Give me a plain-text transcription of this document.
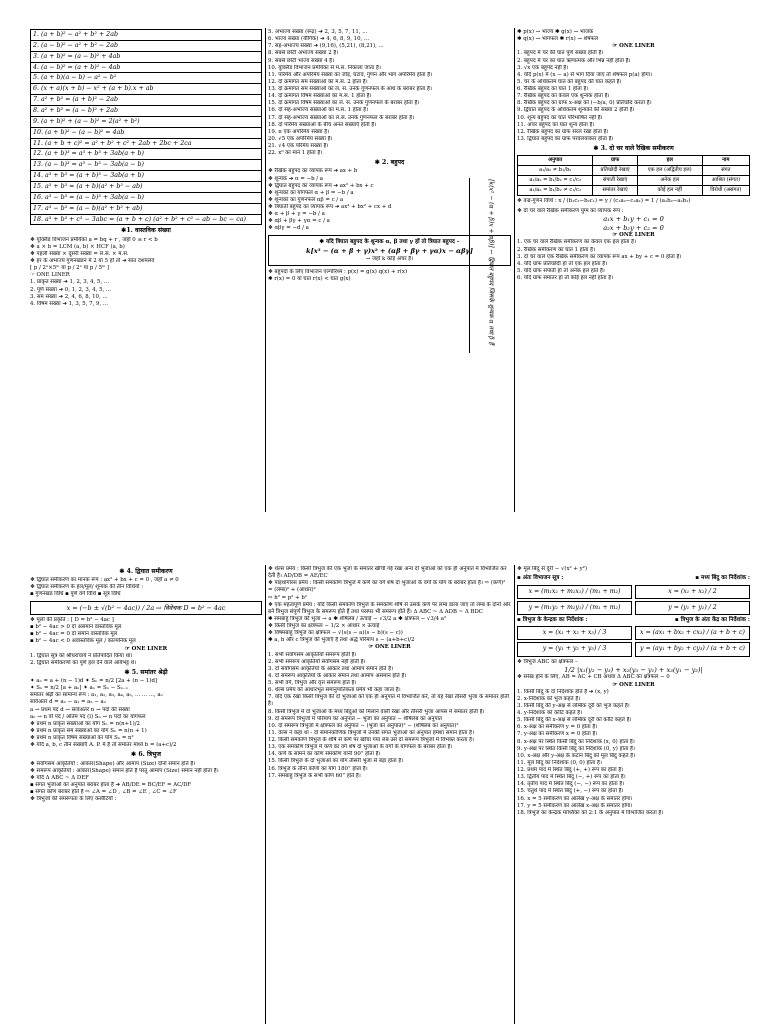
1. (a + b)² − a² + b² + 2ab
2. (a − b)² − a² + b² − 2ab
3. (a + b)² = (a − b)² + 4ab
4. (a − b)² = (a + b)² − 4ab
5. (a + b)(a − b) − a² − b²
6. (x + a)(x + b) − x² + (a + b).x + ab
7. a² + b² = (a + b)² − 2ab
8. a² + b² = (a − b)² + 2ab
9. (a + b)² + (a − b)² = 2(a² + b²)
10. (a + b)² − (a − b)² = 4ab
11. (a + b + c)² = a² + b² + c² + 2ab + 2bc + 2ca
12. (a + b)³ = a³ + b³ + 3ab(a + b)
13. (a − b)³ = a³ − b³ − 3ab(a − b)
14. a³ + b³ = (a + b)³ − 3ab(a + b)
15. a³ + b³ = (a + b)(a² + b² − ab)
16. a³ − b³ = (a − b)³ + 3ab(a − b)
17. a³ − b³ = (a − b)(a² + b² + ab)
18. a³ + b³ + c³ − 3abc = (a + b + c) (a² + b² + c² − ab − bc − ca)
✱1. वास्तविक संख्या
❖ यूक्लिड विभाजन प्रमेयिका a = bq + r , जहाँ 0 ≤ r < b
❖ a × b = LCM (a, b) × HCF (a, b)
❖ पहली संख्या × दूसरी संख्या = ल.स. × म.स.
❖ हर के अभाज्य गुणनखंडन में 2 या 5 हो तो ➔ सांत दशमलव
[ p / 2ⁿ×5ᵐ या p / 2ⁿ या p / 5ᵐ ]
☞ ONE LINER
1. प्राकृत संख्या ➔ 1, 2, 3, 4, 5, ...
2. पूर्ण संख्या ➔ 0, 1, 2, 3, 4, 5, ...
3. सम संख्या ➔ 2, 4, 6, 8, 10, ...
4. विषम संख्या ➔ 1, 3, 5, 7, 9, ...
5. अभाज्य संख्या (रूढ़) ➔ 2, 3, 5, 7, 11, ...
6. भाज्य संख्या (यौगिक) ➔ 4, 6, 8, 9, 10, ...
7. सह-अभाज्य संख्या ➔ (9,16), (5,21), (8,21), ...
8. सबसे छोटी अभाज्य संख्या 2 है।
9. सबसे छोटी भाज्य संख्या 4 है।
10. यूक्लिड विभाजन प्रमेयिका से म.स. निकाला जाता है।
11. परिमेय और अपरिमेय संख्या का जोड़, घटाव, गुणन और भाग अपरिमेय होता है।
12. दो क्रमागत सम संख्याओं का म.स. 2 होता है।
13. दो क्रमागत सम संख्याओं का ल. स. उनके गुणनफल के आधे के बराबर होता है।
14. दो क्रमागत विषम संख्याओं का म.स. 1 होता है।
15. दो क्रमागत विषम संख्याओं का ल. स. उनके गुणनफल के बराबर होता है।
16. दो सह-अभाज्य संख्याओं का म.स. 1 होता है।
17. दो सह-अभाज्य संख्याओं का ल.स. उनके गुणनफल के बराबर होता है।
18. दो परिमेय संख्याओं के बीच अनंत संख्याएँ होती हैं।
19. π एक अपरिमेय संख्या है।
20. √5 एक अपरिमेय संख्या है।
21. √4 एक परिमेय संख्या है।
22. x⁰ का मान 1 होता है।
✱ 2. बहुपद
❖ रैखिक बहुपद का व्यापक रूप ➔ ax + b
❖ शून्यक ➔ α = −b / a
❖ द्विघात बहुपद का व्यापक रूप ➔ ax² + bx + c
❖ शून्यकों का योगफल α + β = −b / a
❖ शून्यकों का गुणनफल αβ = c / a
❖ त्रिघाती बहुपद का व्यापक रूप ➔ ax³ + bx² + cx + d
❖ α + β + γ = −b / a
❖ αβ + βγ + γα = c / a
❖ αβγ = −d / a
✱ यदि त्रिघात बहुपद के शून्यक α, β तथा γ हों तो त्रिघात बहुपद –
k[x³ − (α + β + γ)x² + (αβ + βγ + γα)x − αβγ]
→ जहाँ k कोई अचर है।
❖ बहुपदों के लिए विभाजन एल्गोरिथ्म : p(x) = g(x) q(x) + r(x)
✱ r(x) = 0 या घात r(x) < घात g(x)	[k(x² − (α + β)x + αβ)] ← द्विघात बहुपद जिसके शून्यक α तथा β हैं
✱ p(x) → भाज्य ✱ g(x) → भाजक
✱ q(x) → भागफल ✱ r(x) → शेषफल
☞ ONE LINER
1. बहुपद में चर की घात पूर्ण संख्या होती है।
2. बहुपद में चर का घात ऋणात्मक और भिन्न नहीं होता है।
3. √x एक बहुपद नहीं है।
4. यदि p(x) में (x − a) से भाग दिया जाए तो शेषफल p(a) होगा।
5. चर के अधिकतम घात को बहुपद की घात कहते हैं।
6. रैखिक बहुपद का घात 1 होता है।
7. रैखिक बहुपद का केवल एक शून्यक होता है।
8. रैखिक बहुपद का ग्राफ x-अक्ष को (−b/a, 0) प्रतिच्छेद करता है।
9. द्विघात बहुपद के अधिकतम शून्यकों की संख्या 2 होती है।
10. शून्य बहुपद का घात परिभाषित नहीं है।
11. अचर बहुपद का घात शून्य होता है।
12. रैखिक बहुपद का ग्राफ सरल रेखा होता है।
13. द्विघात बहुपद का ग्राफ परवलयाकार होता है।
✱ 3. दो चर वाले रैखिक समीकरण
अनुपात	ग्राफ	हल	नाम
a₁/a₂ ≠ b₁/b₂	प्रतिच्छेदी रेखाएं	एक हल (अद्वितीय हल)	संगत
a₁/a₂ = b₁/b₂ = c₁/c₂	संपाती रेखाएं	अनेक हल	आश्रित (संगत)
a₁/a₂ = b₁/b₂ ≠ c₁/c₂	समांतर रेखाएं	कोई हल नहीं	विरोधी (असंगत)
❖ वज्र-गुणन विधि : x / (b₁c₂−b₂c₁) = y / (c₁a₂−c₂a₁) = 1 / (a₁b₂−a₂b₁)
❖ दो चर वाले रैखिक समीकरण युग्म का व्यापक रूप :
a₁x + b₁y + c₁ = 0
a₂x + b₂y + c₂ = 0
☞ ONE LINER
1. एक चर वाले रैखिक समीकरण का केवल एक हल होता है।
2. रैखिक समीकरण का घात 1 होता है।
3. दो चर वाले एक रैखिक समीकरण का व्यापक रूप ax + by + c = 0 होता है।
4. यदि ग्राफ प्रतिच्छेदी हों तो एक हल होता है।
5. यदि ग्राफ संपाती हों तो अनेक हल होते हैं।
6. यदि ग्राफ समांतर हों तो कोई हल नहीं होता है।
✱ 4. द्विघात समीकरण
❖ द्विघात समीकरण का मानक रूप : ax² + bx + c = 0 , जहाँ a ≠ 0
❖ द्विघात समीकरण के हल/मूल/ शून्यक की तीन विधियाँ :
▪ गुणनखंड विधि ▪ पूर्ण वर्ग विधि ▪ सूत्र विधि
x = (−b ± √(b² − 4ac)) / 2a ⇨ विवेचक D = b² − 4ac
❖ मूलों की प्रकृति : [ D = b² − 4ac ]
▪ b² − 4ac > 0 दो असमान वास्तविक मूल
▪ b² − 4ac = 0 दो समान वास्तविक मूल
▪ b² − 4ac < 0 अवास्तविक मूल / काल्पनिक मूल
☞ ONE LINER
1. द्विघात सूत्र को श्रीधराचार्य ने प्रतिपादित किया था।
2. द्विघात समीकरणों का पूर्ण हल देने वाले आर्यभट्ट थे।
✱ 5. समांतर श्रेढ़ी
✦ aₙ = a + (n − 1)d ✦ Sₙ = n/2 [2a + (n − 1)d]
✦ Sₙ = n/2 [a + aₙ] ✦ aₙ = Sₙ − Sₙ₋₁
समांतर श्रेढ़ी का सामान्य रूप : a₁, a₂, a₃, a₄, a₅, ... ... ..., aₙ
सार्वअंतर d = a₂ − a₁ = a₃ − a₂
a → प्रथम पद d → सार्वअंतर n → पदों की संख्या
aₙ → n वाँ पद / अंतिम पद (l) Sₙ → n पदों का योगफल
❖ प्रथम n प्राकृत संख्याओं का योग Sₙ = n(n+1)/2
❖ प्रथम n प्राकृत सम संख्याओं का योग Sₙ = n(n + 1)
❖ प्रथम n प्राकृत विषम संख्याओं का योग Sₙ = n²
❖ यदि a, b, c तीन संख्याएँ A. P. में हैं तो समांतर माध्य b = (a+c)/2
✱ 6. त्रिभुज
❖ सर्वांगसम आकृतियाँ : आकार(Shape) और आमाप (Size) दोनों समान होते हैं।
❖ समरूप आकृतियाँ : आकार(Shape) समान होते हैं परंतु आमाप (Size) समान नहीं होता है।
❖ यदि Δ ABC ~ Δ DEF
▪ संगत भुजाओं का अनुपात बराबर होता है ➔ AB/DE = BC/EF = AC/DF
▪ संगत कोण बराबर होते हैं ⇨ ∠A = ∠D , ∠B = ∠E , ∠C = ∠F
❖ त्रिभुजों की समरूपता के लिए कसौटियाँ :
❖ थेल्स प्रमेय : किसी त्रिभुज की एक भुजा के समांतर खींची गई रेखा अन्य दो भुजाओं को एक ही अनुपात में विभाजित कर देती है। AD/DB = AE/EC
❖ पाइथागोरस प्रमेय : किसी समकोण त्रिभुज में कर्ण का वर्ग शेष दो भुजाओं के वर्गों के योग के बराबर होता है। ⇨ (कर्ण)² = (लम्ब)² + (आधार)²
⇨ h² = p² + b²
❖ एक महत्वपूर्ण प्रमेय : यदि किसी समकोण त्रिभुज के समकोण शीर्ष से उसके कर्ण पर लम्ब डाला जाए तो लम्ब के दोनों ओर बने त्रिभुज संपूर्ण त्रिभुज के समरूप होते हैं तथा परस्पर भी समरूप होते हैं। Δ ABC ~ Δ ADB ~ Δ BDC
✱ समबाहु त्रिभुज की भुजा → a ✱ शीर्षलंब / ऊंचाई − √3/2 a ✱ क्षेत्रफल − √3/4 a²
❖ किसी त्रिभुज का क्षेत्रफल − 1/2 × आधार × ऊंचाई
❖ विषमबाहु त्रिभुज का क्षेत्रफल − √(s(s − a)(s − b)(s − c))
✱ a, b और c त्रिभुज की भुजाएँ हैं तथा अर्द्ध परिमाप s − (a+b+c)/2
☞ ONE LINER
1. सभी सर्वांगसम आकृतियाँ समरूप होती हैं।
2. सभी समरूप आकृतियाँ सर्वांगसम नहीं होती हैं।
3. दो सर्वांगसम आकृतियों के आकार तथा आमाप समान होते हैं।
4. दो समरूप आकृतियों के आकार समान तथा आमाप असमान होते हैं।
5. सभी वर्ग, त्रिभुज और वृत्त समरूप होते हैं।
6. थेल्स प्रमेय को आधारभूत समानुपातिकता प्रमेय भी कहा जाता है।
7. यदि एक रेखा किसी त्रिभुज की दो भुजाओं को एक ही अनुपात में विभाजित करे, तो यह रेखा तीसरी भुजा के समांतर होती है।
8. किसी त्रिभुज में दो भुजाओं के मध्य बिंदुओं को मिलाने वाली रेखा और तीसरी भुजा आपस में समांतर होती है।
9. दो समरूप त्रिभुजों में परिमाप का अनुपात − भुजा का अनुपात − शीर्षलंब का अनुपात
10. दो समरूप त्रिभुजों में क्षेत्रफल का अनुपात − (भुजा का अनुपात)² − (शीर्षलंब का अनुपात)²
11. वेल्स ने कहा था - दो समानकोणिक त्रिभुजों में उनकी संगत भुजाओं का अनुपात हमेशा समान होता है।
12. किसी समकोण त्रिभुज के शीर्ष से कर्ण पर खींचा गया लंब उसे दो समरूप त्रिभुजों में विभक्त करता है।
13. एक समकोण त्रिभुज में कर्ण का वर्ग शेष दो भुजाओं के वर्गों के योगफल के बराबर होता है।
14. कर्ण के सामने का कोण समकोण यानी 90° होता है।
15. किसी त्रिभुज के दो भुजाओं का योग तीसरी भुजा से बड़ा होता है।
16. त्रिभुज के तीनों कोणों का योग 180° होता है।
17. समबाहु त्रिभुज के सभी कोण 60° होते हैं।
❖ मूल बिंदु से दूरी − √(x² + y²)
▪ अंतः विभाजन सूत्र :	▪ मध्य बिंदु का निर्देशांक :
x = (m₁x₂ + m₂x₁) / (m₁ + m₂)	x = (x₁ + x₂) / 2
y = (m₁y₂ + m₂y₁) / (m₁ + m₂)	y = (y₁ + y₂) / 2
▪ त्रिभुज के केन्द्रक का निर्देशांक :	▪ त्रिभुज के अंतः केंद्र का निर्देशांक :
x = (x₁ + x₂ + x₃) / 3	x = (ax₁ + bx₂ + cx₃) / (a + b + c)
y = (y₁ + y₂ + y₃) / 3	y = (ay₁ + by₂ + cy₃) / (a + b + c)
❖ त्रिभुज ABC का क्षेत्रफल –
1/2 |x₁(y₂ − y₃) + x₂(y₃ − y₁) + x₃(y₁ − y₂)|
❖ संरेख होने के लिए, AB = AC + CB अथवा Δ ABC का क्षेत्रफल − 0
☞ ONE LINER
1. किसी बिंदु के दो निर्देशांक होते हैं ➔ (x, y)
2. x-निर्देशांक को भुज कहते हैं।
3. किसी बिंदु की y-अक्ष से लम्बिक दूरी को भुज कहते हैं।
4. y-निर्देशांक को कोटि कहते हैं।
5. किसी बिंदु की x-अक्ष से लम्बिक दूरी को कोटि कहते हैं।
6. x-अक्ष का समीकरण y = 0 होता है।
7. y-अक्ष का समीकरण x = 0 होता है।
8. x-अक्ष पर स्थित किसी बिंदु का निर्देशांक (x, 0) होता है।
9. y-अक्ष पर स्थित किसी बिंदु का निर्देशांक (0, y) होता है।
10. x-अक्ष और y-अक्ष के कटान बिंदु को मूल बिंदु कहते हैं।
11. मूल बिंदु का निर्देशांक (0, 0) होता है।
12. प्रथम पाद में स्थित बिंदु (+, +) रूप का होता है।
13. द्वितीय पाद में स्थित बिंदु (−, +) रूप का होता है।
14. तृतीय पाद में स्थित बिंदु (−, −) रूप का होता है।
15. चतुर्थ पाद में स्थित बिंदु (+, −) रूप का होता है।
16. x = 5 समीकरण का आलेख y-अक्ष के समांतर होगा।
17. y = 5 समीकरण का आलेख x-अक्ष के समांतर होगा।
18. त्रिभुज का केन्द्रक माध्यिका को 2:1 के अनुपात में विभाजित करता है।
